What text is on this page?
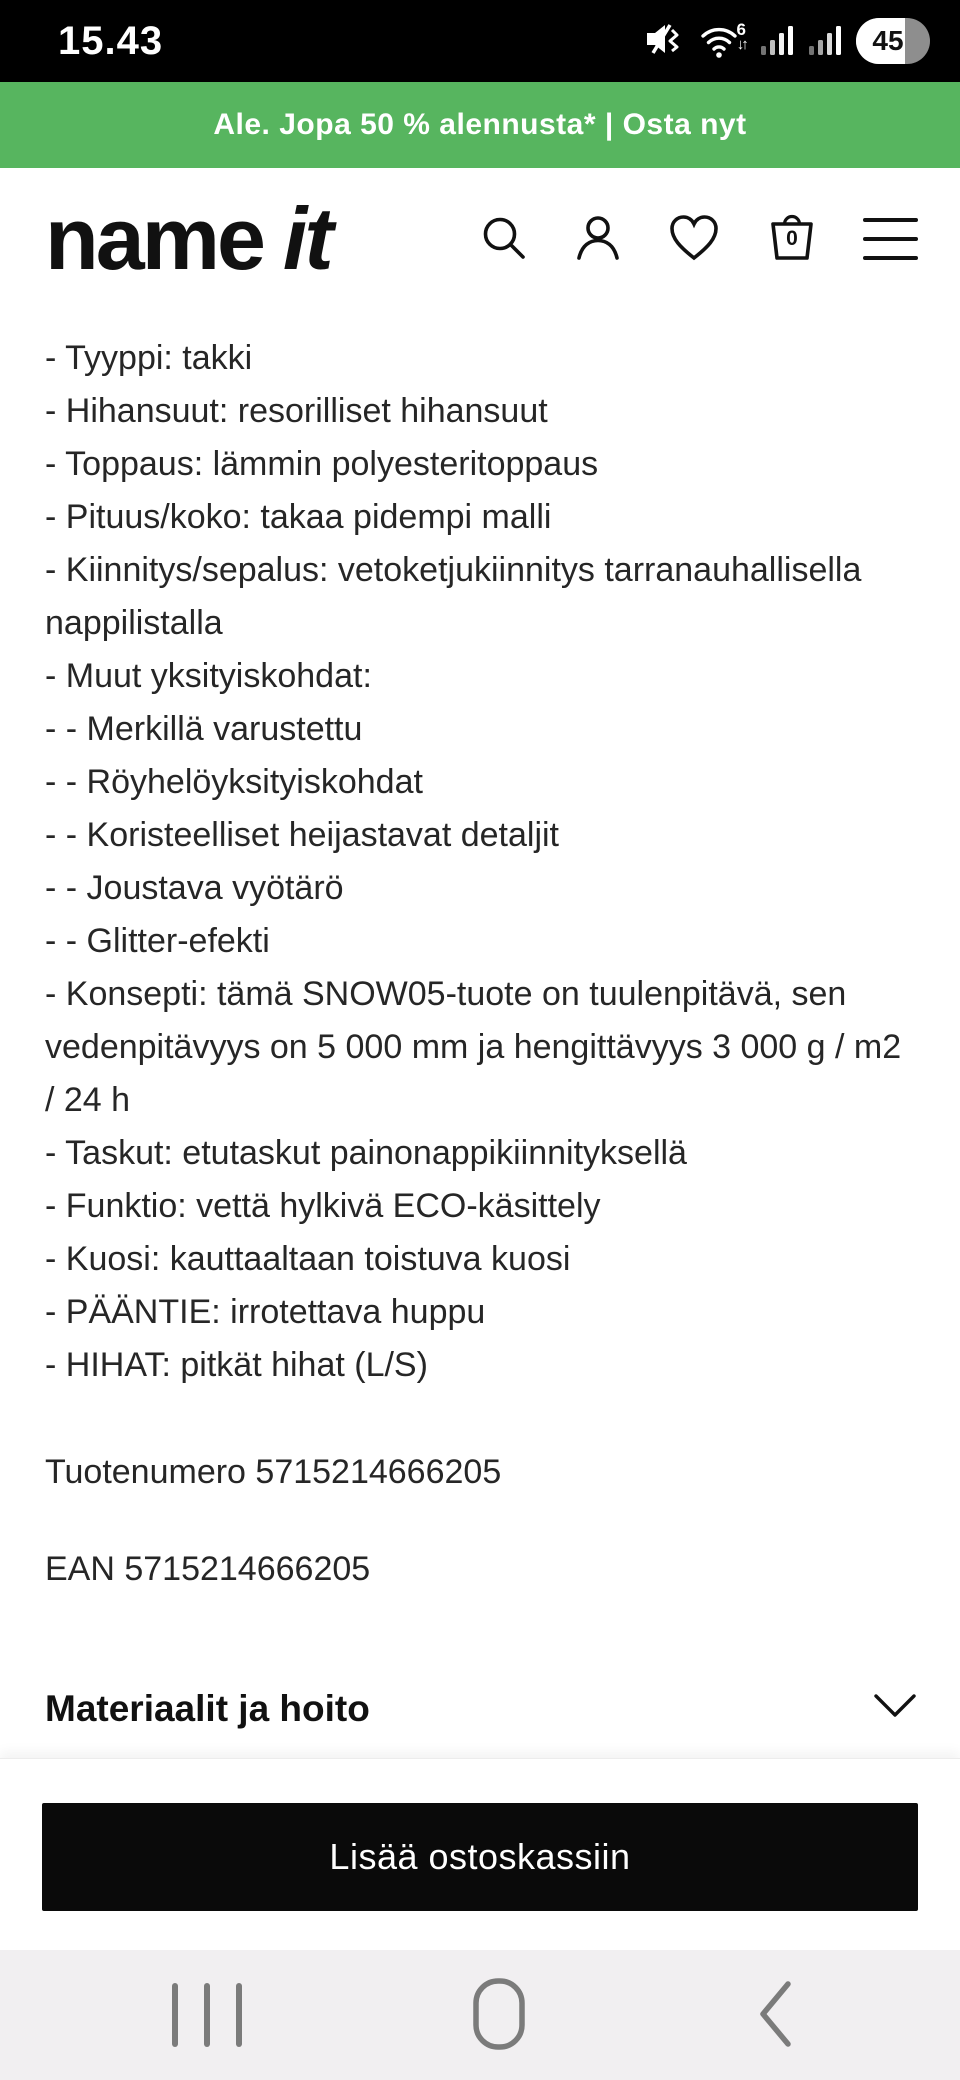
15.43	6
↓↑	45
Ale. Jopa 50 % alennusta* | Osta nyt
name it	0
- Tyyppi: takki
- Hihansuut: resorilliset hihansuut
- Toppaus: lämmin polyesteritoppaus
- Pituus/koko: takaa pidempi malli
- Kiinnitys/sepalus: vetoketjukiinnitys tarranauhallisella nappilistalla
- Muut yksityiskohdat:
- - Merkillä varustettu
- - Röyhelöyksityiskohdat
- - Koristeelliset heijastavat detaljit
- - Joustava vyötärö
- - Glitter-efekti
- Konsepti: tämä SNOW05-tuote on tuulenpitävä, sen vedenpitävyys on 5 000 mm ja hengittävyys 3 000 g / m2 / 24 h
- Taskut: etutaskut painonappikiinnityksellä
- Funktio: vettä hylkivä ECO-käsittely
- Kuosi: kauttaaltaan toistuva kuosi
- PÄÄNTIE: irrotettava huppu
- HIHAT: pitkät hihat (L/S)
Tuotenumero 5715214666205
EAN 5715214666205
Materiaalit ja hoito
Lisää ostoskassiin
